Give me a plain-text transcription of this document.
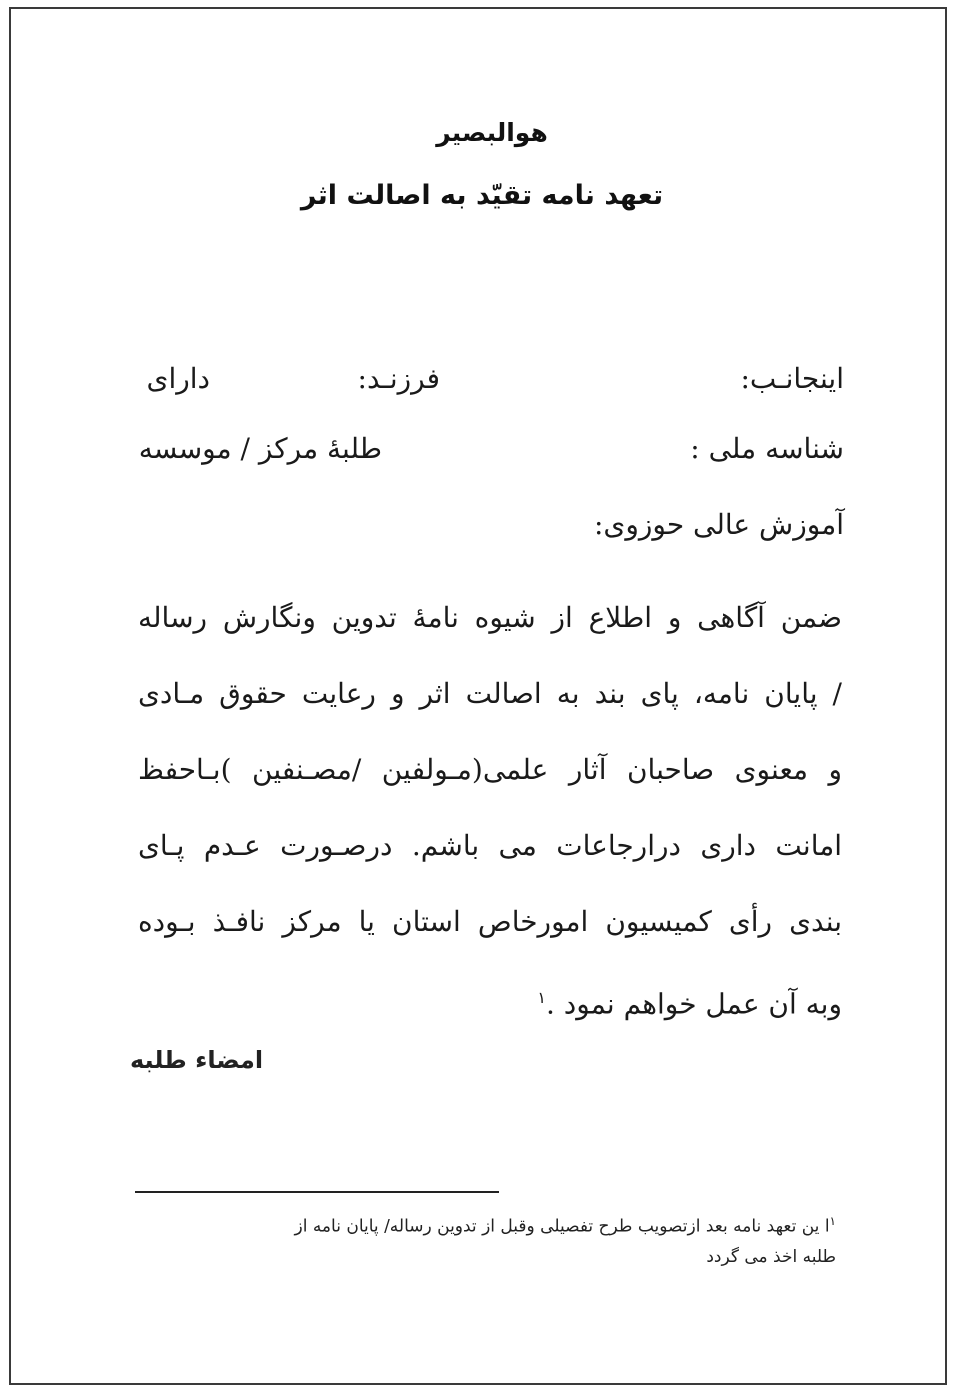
هوالبصیر
تعهد نامه تقیّد به اصالت اثر
اینجانـب:
فرزنـد:
دارای
شناسه ملی :
طلبهٔ مرکز / موسسه
آموزش عالی حوزوی:
ضمن آگاهی و اطلاع از شیوه نامهٔ تدوین ونگارش رساله
/ پایان نامه، پای بند به اصالت اثر و رعایت حقوق مـادی
و معنوی صاحبان آثار علمی(مـولفین /مصـنفین )بـاحفظ
امانت داری درارجاعات می باشم. درصـورت عـدم پـای
بندی رأی کمیسیون امورخاص استان یا مرکز نافـذ بـوده
وبه آن عمل خواهم نمود .$^۱$
امضاء طلبه
$^۱$ا ین تعهد نامه بعد ازتصویب طرح تفصیلی وقبل از تدوین رساله/ پایان نامه از
طلبه اخذ می گردد
